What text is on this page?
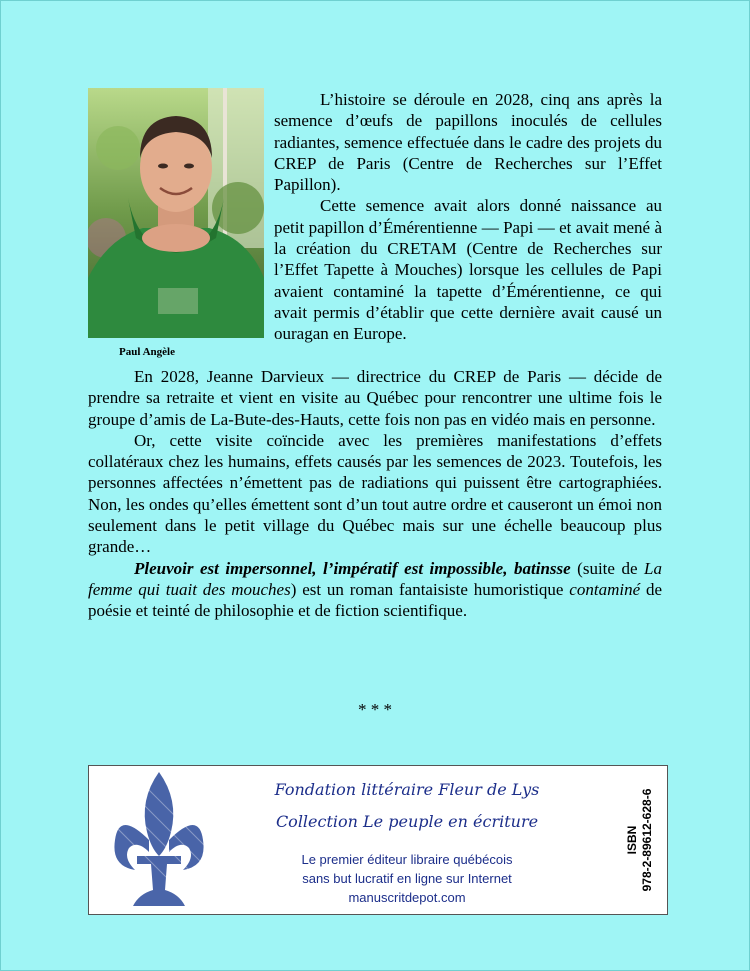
Paul Angèle

L’histoire se déroule en 2028, cinq ans après la semence d’œufs de papillons inoculés de cellules radiantes, semence effectuée dans le cadre des projets du CREP de Paris (Centre de Recherches sur l’Effet Papillon).

Cette semence avait alors donné naissance au petit papillon d’Émérentienne — Papi — et avait mené à la création du CRETAM (Centre de Recherches sur l’Effet Tapette à Mouches) lorsque les cellules de Papi avaient contaminé la tapette d’Émérentienne, ce qui avait permis d’établir que cette dernière avait causé un ouragan en Europe.

En 2028, Jeanne Darvieux — directrice du CREP de Paris — décide de prendre sa retraite et vient en visite au Québec pour rencontrer une ultime fois le groupe d’amis de La-Bute-des-Hauts, cette fois non pas en vidéo mais en personne.

Or, cette visite coïncide avec les premières manifestations d’effets collatéraux chez les humains, effets causés par les semences de 2023. Toutefois, les personnes affectées n’émettent pas de radiations qui puissent être cartographiées. Non, les ondes qu’elles émettent sont d’un tout autre ordre et causeront un émoi non seulement dans le petit village du Québec mais sur une échelle beaucoup plus grande…

Pleuvoir est impersonnel, l’impératif est impossible, batinsse (suite de La femme qui tuait des mouches) est un roman fantaisiste humoristique contaminé de poésie et teinté de philosophie et de fiction scientifique.

* * *
Fondation littéraire Fleur de Lys
Collection Le peuple en écriture
Le premier éditeur libraire québécois
sans but lucratif en ligne sur Internet
manuscritdepot.com
ISBN 978-2-89612-628-6
